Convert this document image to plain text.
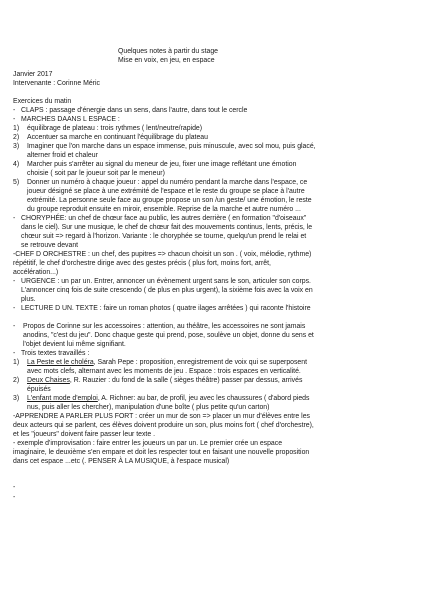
Quelques notes à partir du stage
Mise en voix, en jeu, en espace
Janvier 2017
Intervenante : Corinne Méric
Exercices du matin
- CLAPS : passage d'énergie dans un sens, dans l'autre, dans tout le cercle
- MARCHES DAANS L ESPACE :
1) équilibrage de plateau : trois rythmes ( lent/neutre/rapide)
2) Accentuer sa marche en continuant l'équilibrage du plateau
3) Imaginer que l'on marche dans un espace immense, puis minuscule, avec sol mou, puis glacé,
alterner froid et chaleur
4) Marcher puis s'arrêter au signal du meneur de jeu, fixer une image reflétant une émotion
choisie ( soit par le joueur soit par le meneur)
5) Donner un numéro à chaque joueur : appel du numéro pendant la marche dans l'espace, ce
joueur désigné se place à une extrémité de l'espace et le reste du groupe se place à l'autre
extrémité. La personne seule face au groupe propose un son /un geste/ une émotion, le reste
du groupe reproduit ensuite en miroir, ensemble. Reprise de la marche et autre numéro ...
- CHORYPHÉE: un chef de chœur face au public, les autres derrière ( en formation "d'oiseaux"
dans le ciel). Sur une musique, le chef de chœur fait des mouvements continus, lents, précis, le
chœur suit => regard à l'horizon. Variante : le choryphée se tourne, quelqu'un prend le relai et
se retrouve devant
-CHEF D ORCHESTRE : un chef, des pupitres => chacun choisit un son . ( voix, mélodie, rythme)
répétitif, le chef d'orchestre dirige avec des gestes précis ( plus fort, moins fort, arrêt,
accélération...)
- URGENCE : un par un. Entrer, annoncer un évènement urgent sans le son, articuler son corps.
L'annoncer cinq fois de suite crescendo ( de plus en plus urgent), la sixième fois avec la voix en
plus.
- LECTURE D UN. TEXTE : faire un roman photos ( quatre ilages arrêtées ) qui raconte l'histoire
- Propos de Corinne sur les accessoires : attention, au théâtre, les accessoires ne sont jamais
anodins, "c'est du jeu". Donc chaque geste qui prend, pose, soulève un objet, donne du sens et
l'objet devient lui même signifiant.
- Trois textes travaillés :
1) La Peste et le choléra, Sarah Pepe : proposition, enregistrement de voix qui se superposent
avec mots clefs, alternant avec les moments de jeu . Espace : trois espaces en verticalité.
2) Deux Chaises, R. Rauzier : du fond de la salle ( sièges théâtre) passer par dessus, arrivés
épuisés
3) L'enfant mode d'emploi, A. Richner: au bar, de profil, jeu avec les chaussures ( d'abord pieds
nus, puis aller les chercher), manipulation d'une boîte ( plus petite qu'un carton)
-APPRENDRE A PARLER PLUS FORT : créer un mur de son => placer un mur d'élèves entre les
deux acteurs qui se parlent, ces élèves doivent produire un son, plus moins fort ( chef d'orchestre),
et les "joueurs" doivent faire passer leur texte .
- exemple d'improvisation : faire entrer les joueurs un par un. Le premier crée un espace
imaginaire, le deuxième s'en empare et doit les respecter tout en faisant une nouvelle proposition
dans cet espace ...etc (. PENSER À LA MUSIQUE, à l'espace musical)
-
-
